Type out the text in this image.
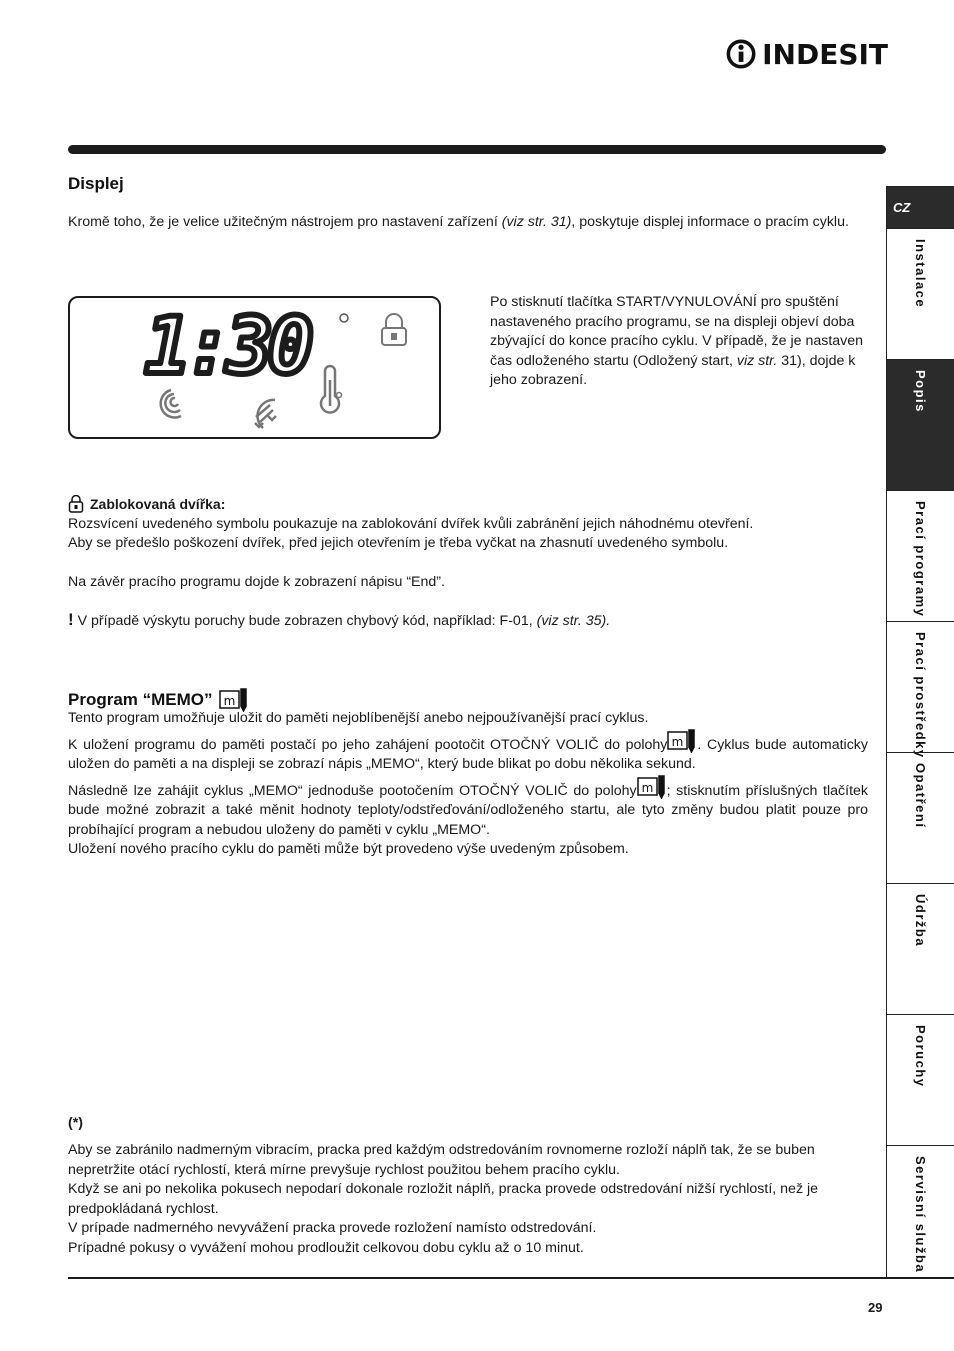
INDESIT
Displej

Kromě toho, že je velice užitečným nástrojem pro nastavení zařízení (viz str. 31), poskytuje displej informace o pracím cyklu.

1:30	Po stisknutí tlačítka START/VYNULOVÁNÍ pro spuštění nastaveného pracího programu, se na displeji objeví doba zbývající do konce pracího cyklu. V případě, že je nastaven čas odloženého startu (Odložený start, viz str. 31), dojde k jeho zobrazení.

Zablokovaná dvířka:

Rozsvícení uvedeného symbolu poukazuje na zablokování dvířek kvůli zabránění jejich náhodnému otevření.

Aby se předešlo poškození dvířek, před jejich otevřením je třeba vyčkat na zhasnutí uvedeného symbolu.

Na závěr pracího programu dojde k zobrazení nápisu “End”.

! V případě výskytu poruchy bude zobrazen chybový kód, například: F-01, (viz str. 35).

Program “MEMO” m

Tento program umožňuje uložit do paměti nejoblíbenější anebo nejpoužívanější prací cyklus.

K uložení programu do paměti postačí po jeho zahájení pootočit OTOČNÝ VOLIČ do polohy m . Cyklus bude automaticky uložen do paměti a na displeji se zobrazí nápis „MEMO“, který bude blikat po dobu několika sekund.

Následně lze zahájit cyklus „MEMO“ jednoduše pootočením OTOČNÝ VOLIČ do polohy m ; stisknutím příslušných tlačítek bude možné zobrazit a také měnit hodnoty teploty/odstřeďování/odloženého startu, ale tyto změny budou platit pouze pro probíhající program a nebudou uloženy do paměti v cyklu „MEMO“.

Uložení nového pracího cyklu do paměti může být provedeno výše uvedeným způsobem.

(*)

Aby se zabránilo nadmerným vibracím, pracka pred každým odstredováním rovnomerne rozloží náplň tak, že se buben nepretržite otácí rychlostí, která mírne prevyšuje rychlost použitou behem pracího cyklu.

Když se ani po nekolika pokusech nepodarí dokonale rozložit náplň, pracka provede odstredování nižší rychlostí, než je predpokládaná rychlost.

V prípade nadmerného nevyvážení pracka provede rozložení namísto odstredování.

Prípadné pokusy o vyvážení mohou prodloužit celkovou dobu cyklu až o 10 minut.

CZ
Instalace
Popis
Prací programy
Prací prostředky
Opatření
Údržba
Poruchy
Servisní služba
29
